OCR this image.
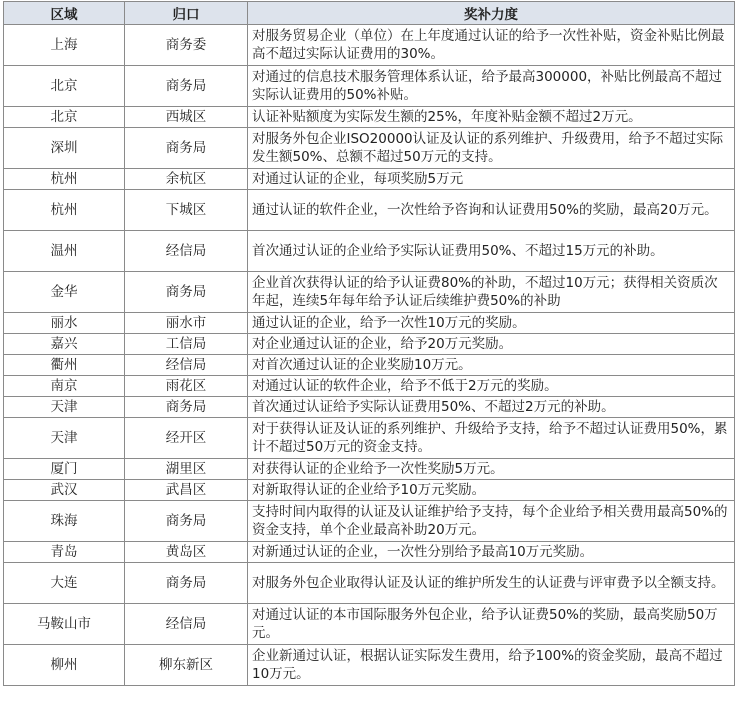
区域	归口	奖补力度
上海	商务委	对服务贸易企业（单位）在上年度通过认证的给予一次性补贴，资金补贴比例最高不超过实际认证费用的30%。
北京	商务局	对通过的信息技术服务管理体系认证，给予最高300000，补贴比例最高不超过实际认证费用的50%补贴。
北京	西城区	认证补贴额度为实际发生额的25%，年度补贴金额不超过2万元。
深圳	商务局	对服务外包企业ISO20000认证及认证的系列维护、升级费用，给予不超过实际发生额50%、总额不超过50万元的支持。
杭州	余杭区	对通过认证的企业，每项奖励5万元
杭州	下城区	通过认证的软件企业，一次性给予咨询和认证费用50%的奖励，最高20万元。
温州	经信局	首次通过认证的企业给予实际认证费用50%、不超过15万元的补助。
金华	商务局	企业首次获得认证的给予认证费80%的补助，不超过10万元；获得相关资质次年起，连续5年每年给予认证后续维护费50%的补助
丽水	丽水市	通过认证的企业，给予一次性10万元的奖励。
嘉兴	工信局	对企业通过认证的企业，给予20万元奖励。
衢州	经信局	对首次通过认证的企业奖励10万元。
南京	雨花区	对通过认证的软件企业，给予不低于2万元的奖励。
天津	商务局	首次通过认证给予实际认证费用50%、不超过2万元的补助。
天津	经开区	对于获得认证及认证的系列维护、升级给予支持，给予不超过认证费用50%，累计不超过50万元的资金支持。
厦门	湖里区	对获得认证的企业给予一次性奖励5万元。
武汉	武昌区	对新取得认证的企业给予10万元奖励。
珠海	商务局	支持时间内取得的认证及认证维护给予支持，每个企业给予相关费用最高50%的资金支持，单个企业最高补助20万元。
青岛	黄岛区	对新通过认证的企业，一次性分别给予最高10万元奖励。
大连	商务局	对服务外包企业取得认证及认证的维护所发生的认证费与评审费予以全额支持。
马鞍山市	经信局	对通过认证的本市国际服务外包企业，给予认证费50%的奖励，最高奖励50万元。
柳州	柳东新区	企业新通过认证，根据认证实际发生费用，给予100%的资金奖励，最高不超过10万元。
